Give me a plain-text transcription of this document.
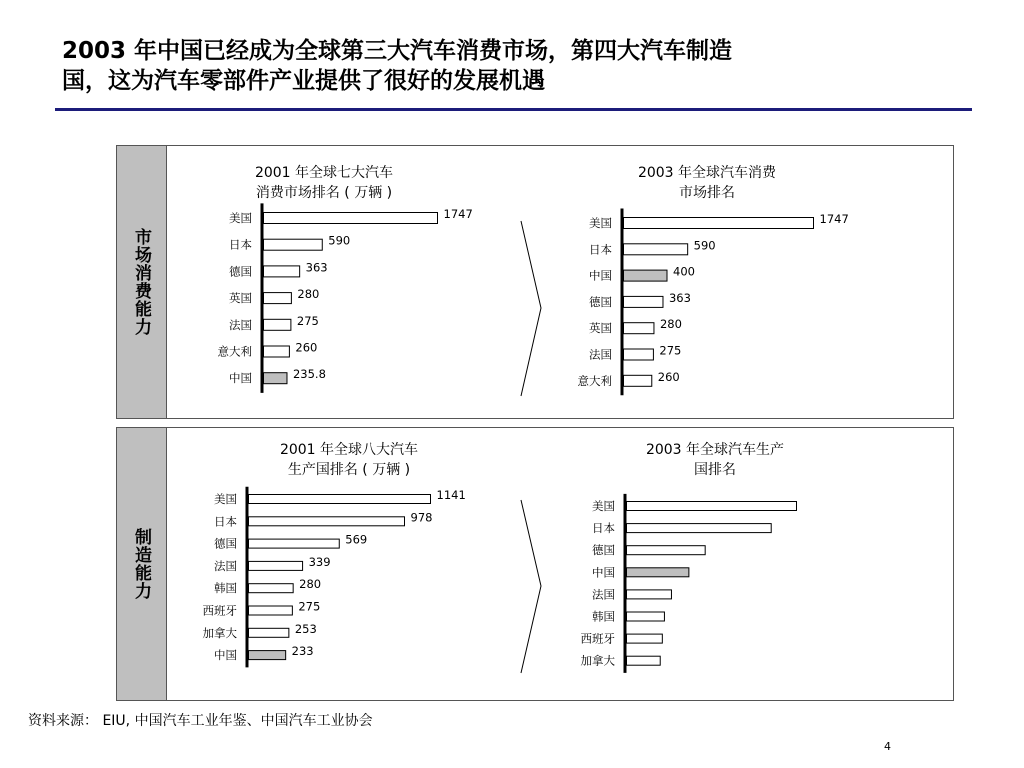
2003 年中国已经成为全球第三大汽车消费市场，第四大汽车制造
国，这为汽车零部件产业提供了很好的发展机遇
市场消费能力
2001 年全球七大汽车
消费市场排名 ( 万辆 )
美国	1747
日本	590
德国	363
英国	280
法国	275
意大利	260
中国	235.8
2003 年全球汽车消费
市场排名
美国	1747
日本	590
中国	400
德国	363
英国	280
法国	275
意大利	260
制造能力
2001 年全球八大汽车
生产国排名 ( 万辆 )
美国	1141
日本	978
德国	569
法国	339
韩国	280
西班牙	275
加拿大	253
中国	233
2003 年全球汽车生产
国排名
美国
日本
德国
中国
法国
韩国
西班牙
加拿大
资料来源： EIU, 中国汽车工业年鉴、中国汽车工业协会
4
